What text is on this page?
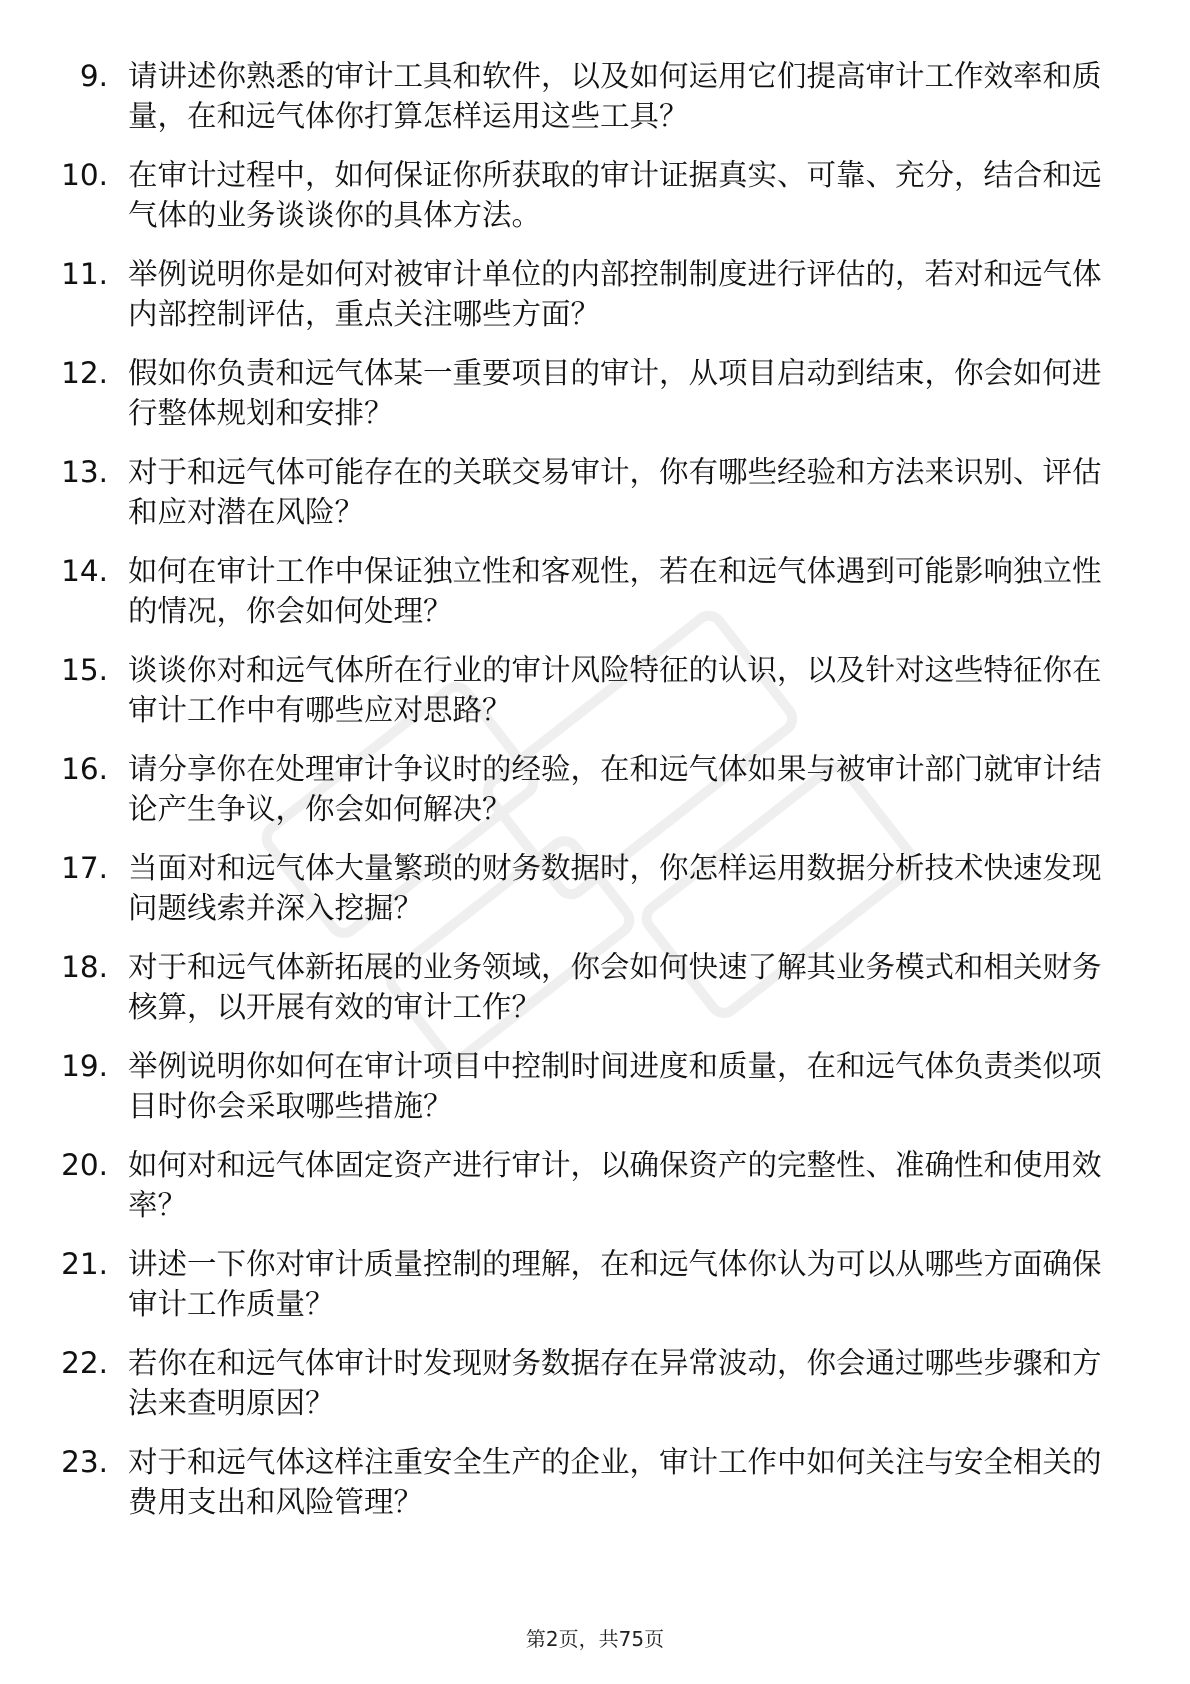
9. 请讲述你熟悉的审计工具和软件，以及如何运用它们提高审计工作效率和质量，在和远气体你打算怎样运用这些工具？
10. 在审计过程中，如何保证你所获取的审计证据真实、可靠、充分，结合和远气体的业务谈谈你的具体方法。
11. 举例说明你是如何对被审计单位的内部控制制度进行评估的，若对和远气体内部控制评估，重点关注哪些方面？
12. 假如你负责和远气体某一重要项目的审计，从项目启动到结束，你会如何进行整体规划和安排？
13. 对于和远气体可能存在的关联交易审计，你有哪些经验和方法来识别、评估和应对潜在风险？
14. 如何在审计工作中保证独立性和客观性，若在和远气体遇到可能影响独立性的情况，你会如何处理？
15. 谈谈你对和远气体所在行业的审计风险特征的认识，以及针对这些特征你在审计工作中有哪些应对思路？
16. 请分享你在处理审计争议时的经验，在和远气体如果与被审计部门就审计结论产生争议，你会如何解决？
17. 当面对和远气体大量繁琐的财务数据时，你怎样运用数据分析技术快速发现问题线索并深入挖掘？
18. 对于和远气体新拓展的业务领域，你会如何快速了解其业务模式和相关财务核算，以开展有效的审计工作？
19. 举例说明你如何在审计项目中控制时间进度和质量，在和远气体负责类似项目时你会采取哪些措施？
20. 如何对和远气体固定资产进行审计，以确保资产的完整性、准确性和使用效率？
21. 讲述一下你对审计质量控制的理解，在和远气体你认为可以从哪些方面确保审计工作质量？
22. 若你在和远气体审计时发现财务数据存在异常波动，你会通过哪些步骤和方法来查明原因？
23. 对于和远气体这样注重安全生产的企业，审计工作中如何关注与安全相关的费用支出和风险管理？
第2页，共75页
